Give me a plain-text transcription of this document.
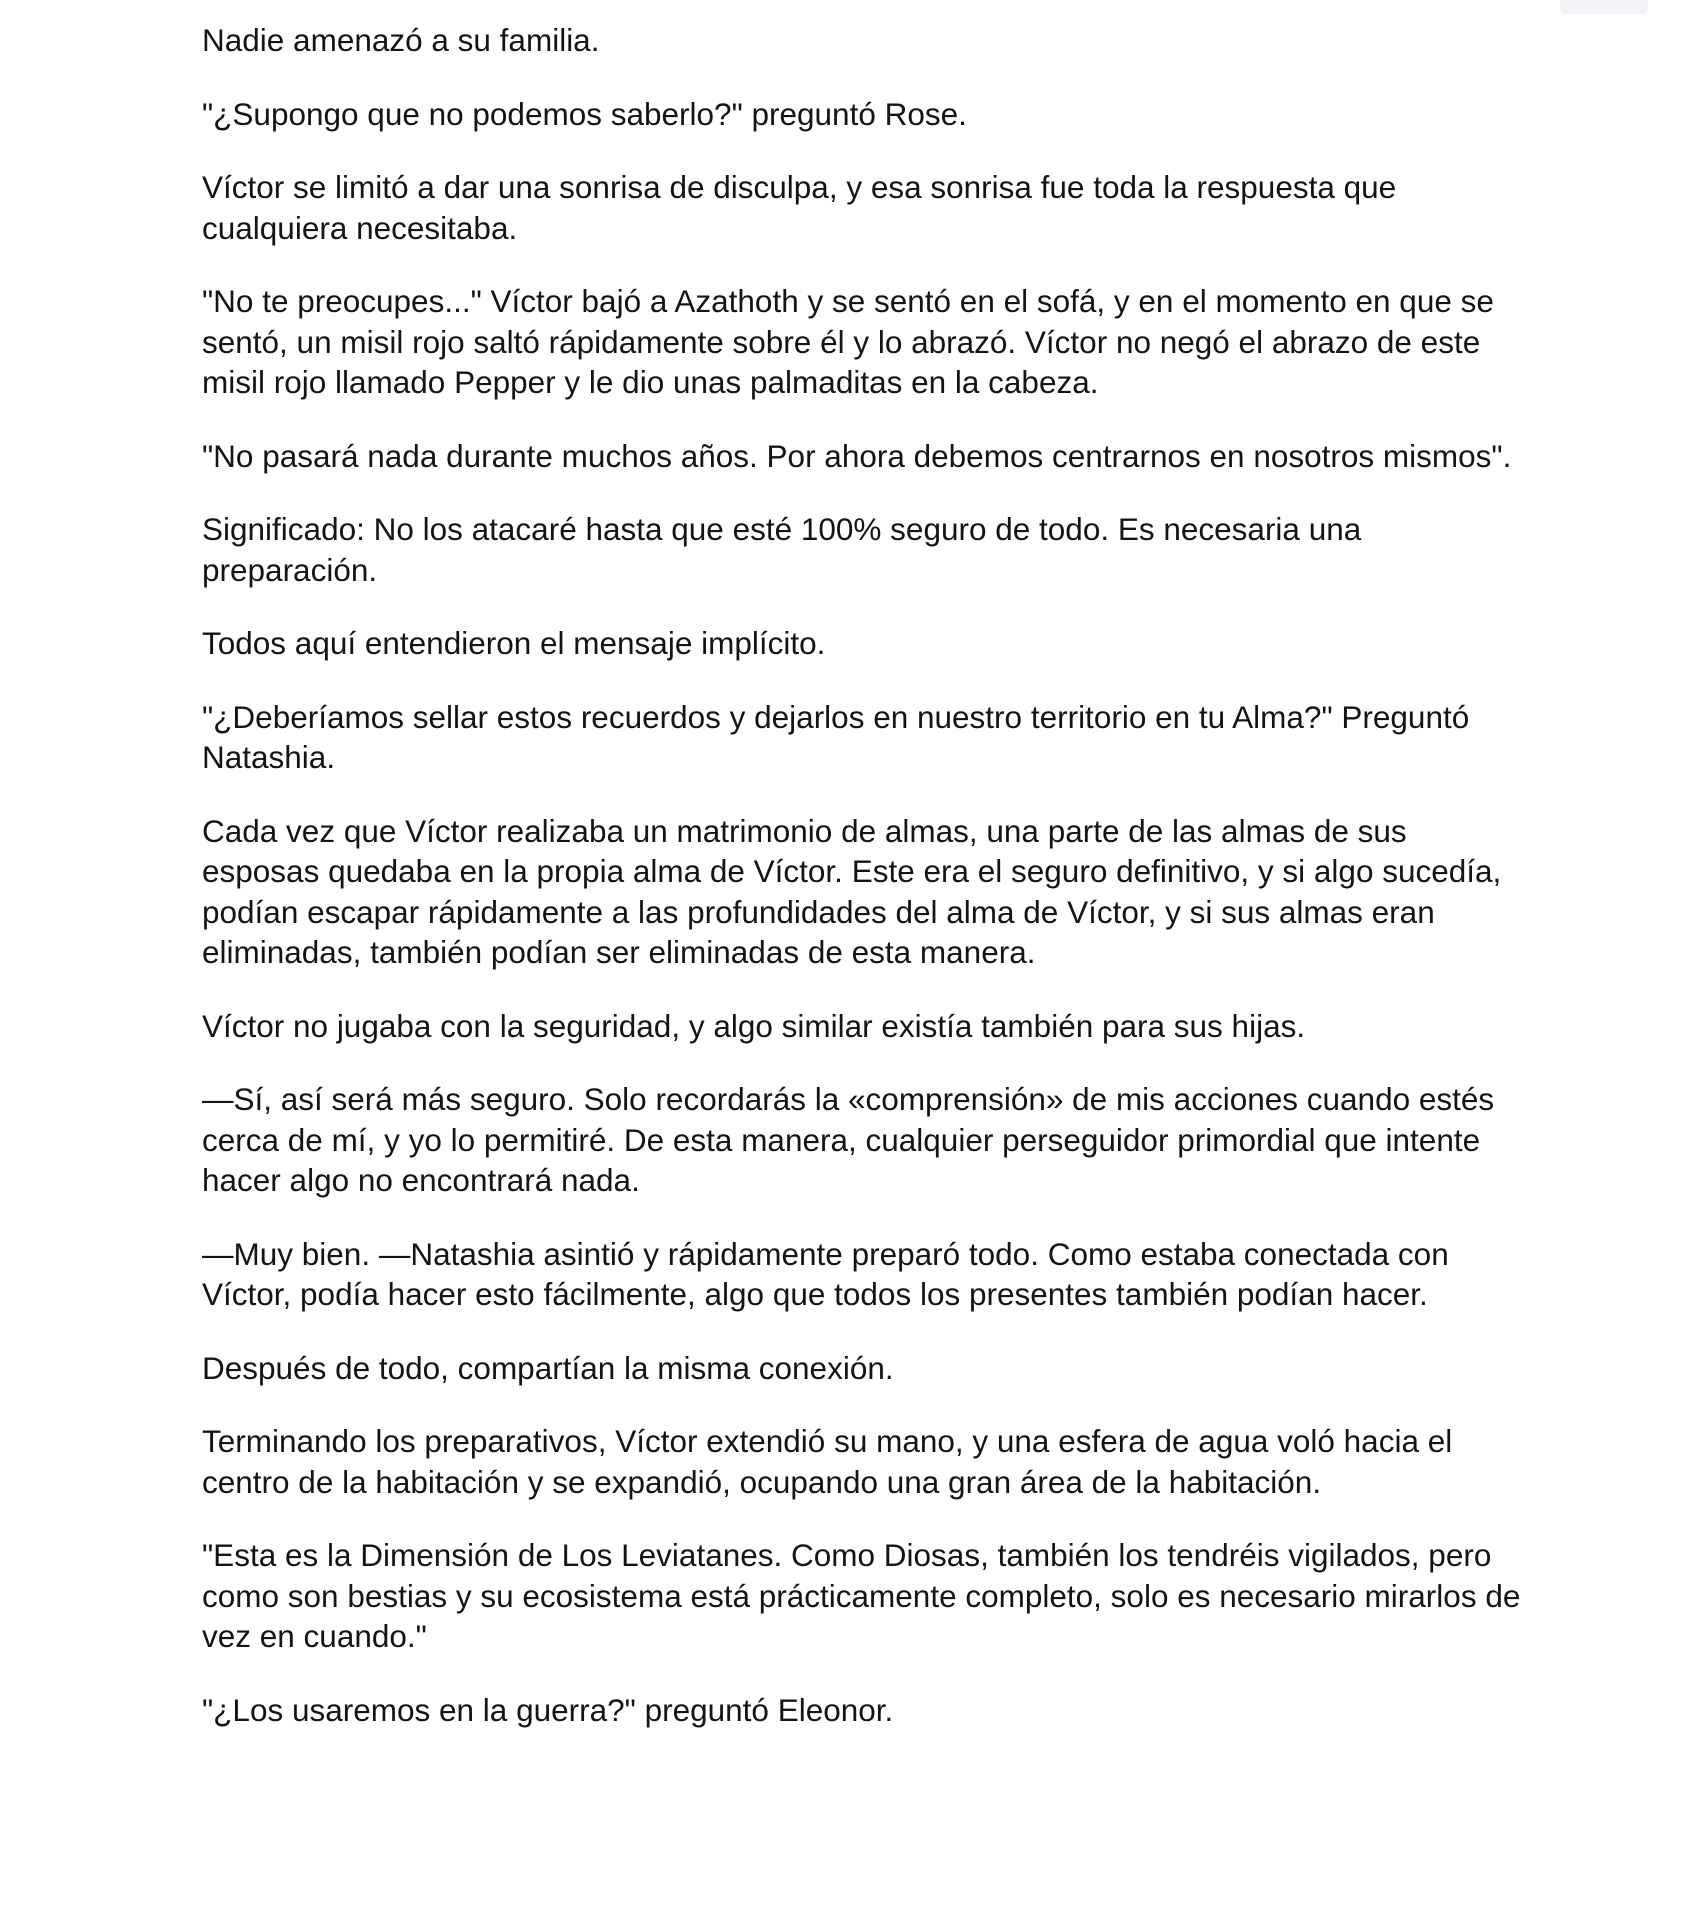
Nadie amenazó a su familia.

"¿Supongo que no podemos saberlo?" preguntó Rose.

Víctor se limitó a dar una sonrisa de disculpa, y esa sonrisa fue toda la respuesta que cualquiera necesitaba.

"No te preocupes..." Víctor bajó a Azathoth y se sentó en el sofá, y en el momento en que se sentó, un misil rojo saltó rápidamente sobre él y lo abrazó. Víctor no negó el abrazo de este misil rojo llamado Pepper y le dio unas palmaditas en la cabeza.

"No pasará nada durante muchos años. Por ahora debemos centrarnos en nosotros mismos".

Significado: No los atacaré hasta que esté 100% seguro de todo. Es necesaria una preparación.

Todos aquí entendieron el mensaje implícito.

"¿Deberíamos sellar estos recuerdos y dejarlos en nuestro territorio en tu Alma?" Preguntó Natashia.

Cada vez que Víctor realizaba un matrimonio de almas, una parte de las almas de sus esposas quedaba en la propia alma de Víctor. Este era el seguro definitivo, y si algo sucedía, podían escapar rápidamente a las profundidades del alma de Víctor, y si sus almas eran eliminadas, también podían ser eliminadas de esta manera.

Víctor no jugaba con la seguridad, y algo similar existía también para sus hijas.

—Sí, así será más seguro. Solo recordarás la «comprensión» de mis acciones cuando estés cerca de mí, y yo lo permitiré. De esta manera, cualquier perseguidor primordial que intente hacer algo no encontrará nada.

—Muy bien. —Natashia asintió y rápidamente preparó todo. Como estaba conectada con Víctor, podía hacer esto fácilmente, algo que todos los presentes también podían hacer.

Después de todo, compartían la misma conexión.

Terminando los preparativos, Víctor extendió su mano, y una esfera de agua voló hacia el centro de la habitación y se expandió, ocupando una gran área de la habitación.

"Esta es la Dimensión de Los Leviatanes. Como Diosas, también los tendréis vigilados, pero como son bestias y su ecosistema está prácticamente completo, solo es necesario mirarlos de vez en cuando."

"¿Los usaremos en la guerra?" preguntó Eleonor.
